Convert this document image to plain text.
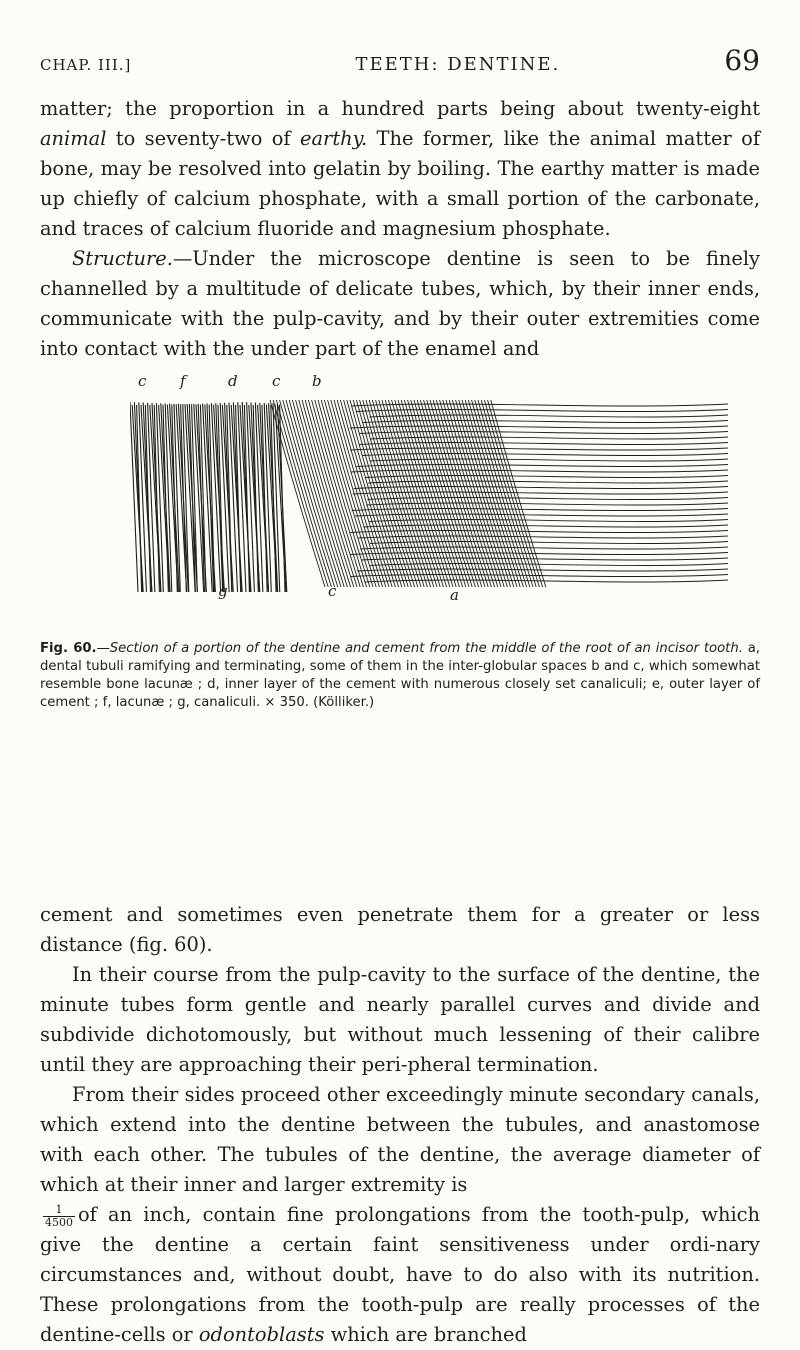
CHAP. III.]	TEETH: DENTINE.	69

matter; the proportion in a hundred parts being about twenty-eight animal to seventy-two of earthy. The former, like the animal matter of bone, may be resolved into gelatin by boiling. The earthy matter is made up chiefly of calcium phosphate, with a small portion of the carbonate, and traces of calcium fluoride and magnesium phosphate.

Structure.—Under the microscope dentine is seen to be finely channelled by a multitude of delicate tubes, which, by their inner ends, communicate with the pulp-cavity, and by their outer extremities come into contact with the under part of the enamel and

c f	d c b
g	c	a
Fig. 60.—Section of a portion of the dentine and cement from the middle of the root of an incisor tooth. a, dental tubuli ramifying and terminating, some of them in the inter-globular spaces b and c, which somewhat resemble bone lacunæ ; d, inner layer of the cement with numerous closely set canaliculi; e, outer layer of cement ; f, lacunæ ; g, canaliculi. × 350. (Kölliker.)

cement and sometimes even penetrate them for a greater or less distance (fig. 60).

In their course from the pulp-cavity to the surface of the dentine, the minute tubes form gentle and nearly parallel curves and divide and subdivide dichotomously, but without much lessening of their calibre until they are approaching their peri-pheral termination.

From their sides proceed other exceedingly minute secondary canals, which extend into the dentine between the tubules, and anastomose with each other. The tubules of the dentine, the average diameter of which at their inner and larger extremity is

$\frac{1}{4500}$ of an inch, contain fine prolongations from the tooth-pulp, which give the dentine a certain faint sensitiveness under ordi-nary circumstances and, without doubt, have to do also with its nutrition. These prolongations from the tooth-pulp are really processes of the dentine-cells or odontoblasts which are branched
